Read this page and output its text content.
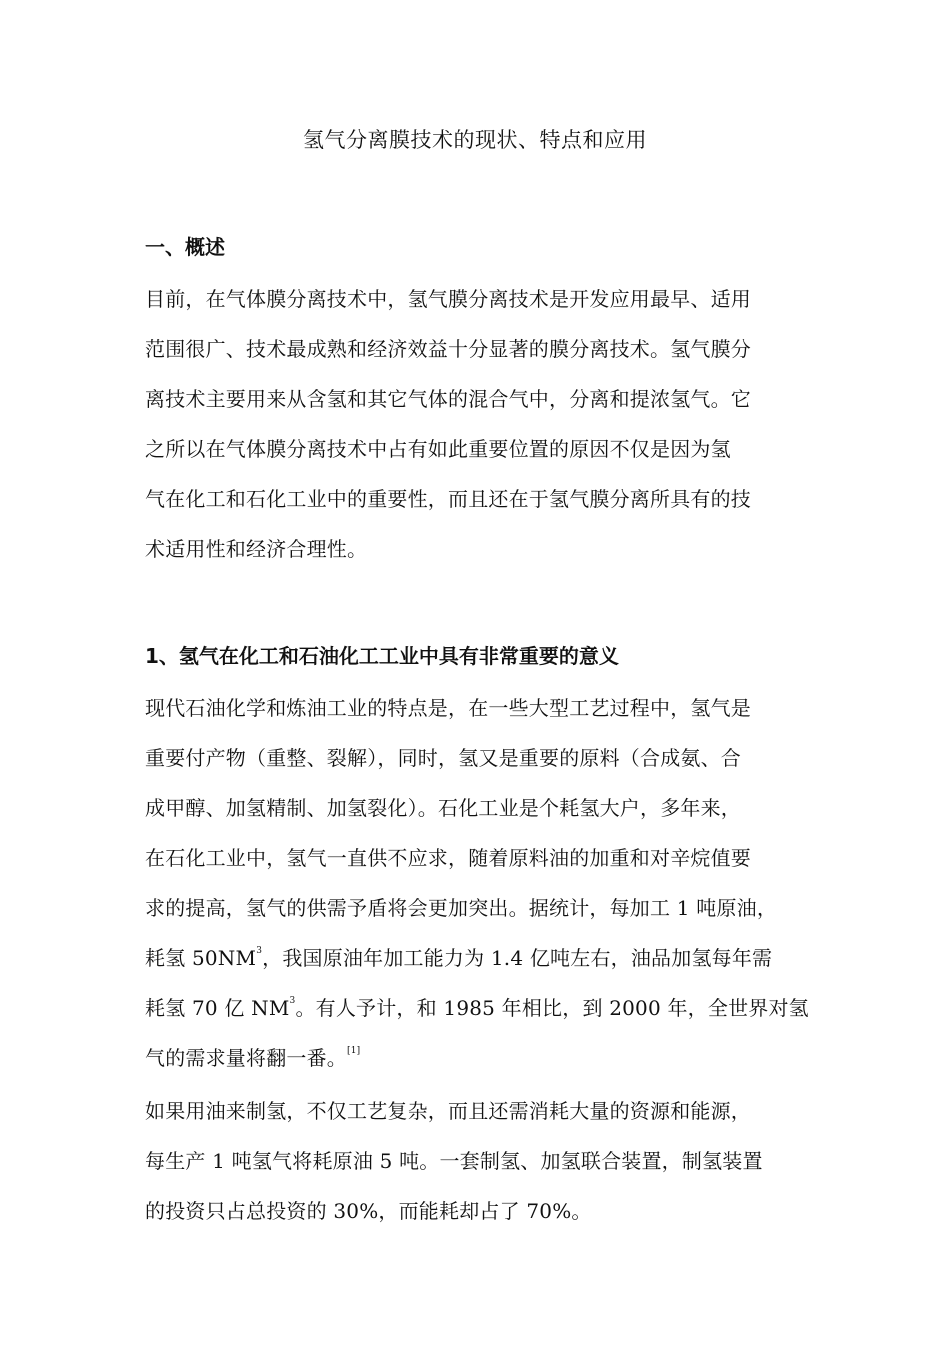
氢气分离膜技术的现状、特点和应用
一、概述
目前，在气体膜分离技术中，氢气膜分离技术是开发应用最早、适用
范围很广、技术最成熟和经济效益十分显著的膜分离技术。氢气膜分
离技术主要用来从含氢和其它气体的混合气中，分离和提浓氢气。它
之所以在气体膜分离技术中占有如此重要位置的原因不仅是因为氢
气在化工和石化工业中的重要性，而且还在于氢气膜分离所具有的技
术适用性和经济合理性。
1、氢气在化工和石油化工工业中具有非常重要的意义
现代石油化学和炼油工业的特点是，在一些大型工艺过程中，氢气是
重要付产物（重整、裂解），同时，氢又是重要的原料（合成氨、合
成甲醇、加氢精制、加氢裂化）。石化工业是个耗氢大户，多年来，
在石化工业中，氢气一直供不应求，随着原料油的加重和对辛烷值要
求的提高，氢气的供需予盾将会更加突出。据统计，每加工 1 吨原油，
耗氢 $50NM^3$，我国原油年加工能力为 1.4 亿吨左右，油品加氢每年需
耗氢 70 亿 $NM^3$。有人予计，和 1985 年相比，到 2000 年，全世界对氢
气的需求量将翻一番。[1]
如果用油来制氢，不仅工艺复杂，而且还需消耗大量的资源和能源，
每生产 1 吨氢气将耗原油 5 吨。一套制氢、加氢联合装置，制氢装置
的投资只占总投资的 30%，而能耗却占了 70%。
